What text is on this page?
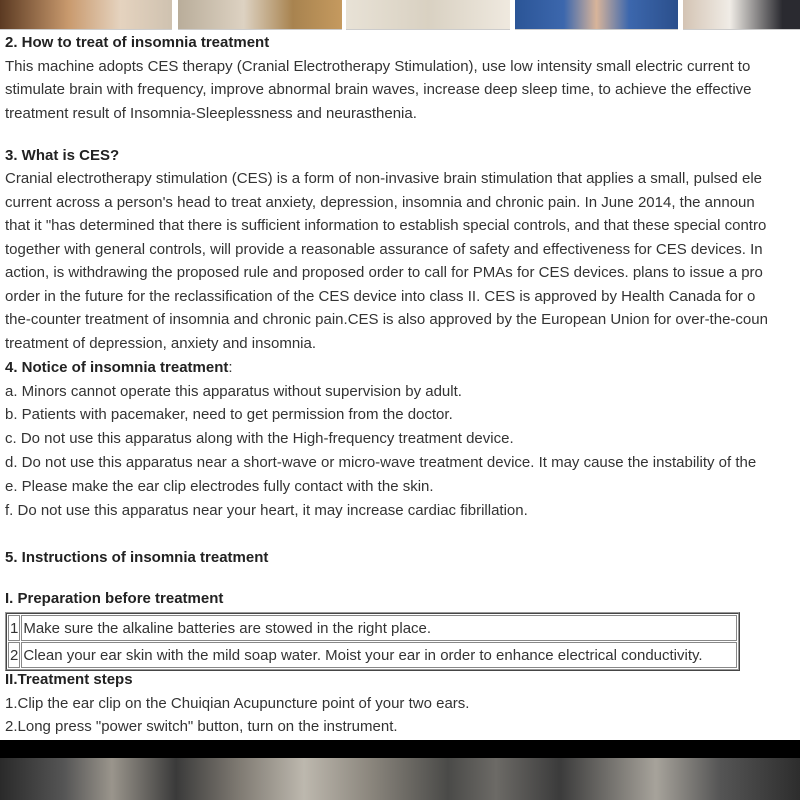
2. How to treat of insomnia treatment
This machine adopts CES therapy (Cranial Electrotherapy Stimulation), use low intensity small electric current to
stimulate brain with frequency, improve abnormal brain waves, increase deep sleep time, to achieve the effective
treatment result of Insomnia-Sleeplessness and neurasthenia.
3. What is CES?
Cranial electrotherapy stimulation (CES) is a form of non-invasive brain stimulation that applies a small, pulsed ele
current across a person's head to treat anxiety, depression, insomnia and chronic pain. In June 2014, the announ
that it "has determined that there is sufficient information to establish special controls, and that these special contro
together with general controls, will provide a reasonable assurance of safety and effectiveness for CES devices. In
action, is withdrawing the proposed rule and proposed order to call for PMAs for CES devices. plans to issue a pro
order in the future for the reclassification of the CES device into class II. CES is approved by Health Canada for o
the-counter treatment of insomnia and chronic pain.CES is also approved by the European Union for over-the-coun
treatment of depression, anxiety and insomnia.
4. Notice of insomnia treatment:
a. Minors cannot operate this apparatus without supervision by adult.
b. Patients with pacemaker, need to get permission from the doctor.
c. Do not use this apparatus along with the High-frequency treatment device.
d. Do not use this apparatus near a short-wave or micro-wave treatment device. It may cause the instability of the
e. Please make the ear clip electrodes fully contact with the skin.
f. Do not use this apparatus near your heart, it may increase cardiac fibrillation.
5. Instructions of insomnia treatment
I. Preparation before treatment
1	Make sure the alkaline batteries are stowed in the right place.
2	Clean your ear skin with the mild soap water. Moist your ear in order to enhance electrical conductivity.
II.Treatment steps
1.Clip the ear clip on the Chuiqian Acupuncture point of your two ears.
2.Long press "power switch" button, turn on the instrument.
